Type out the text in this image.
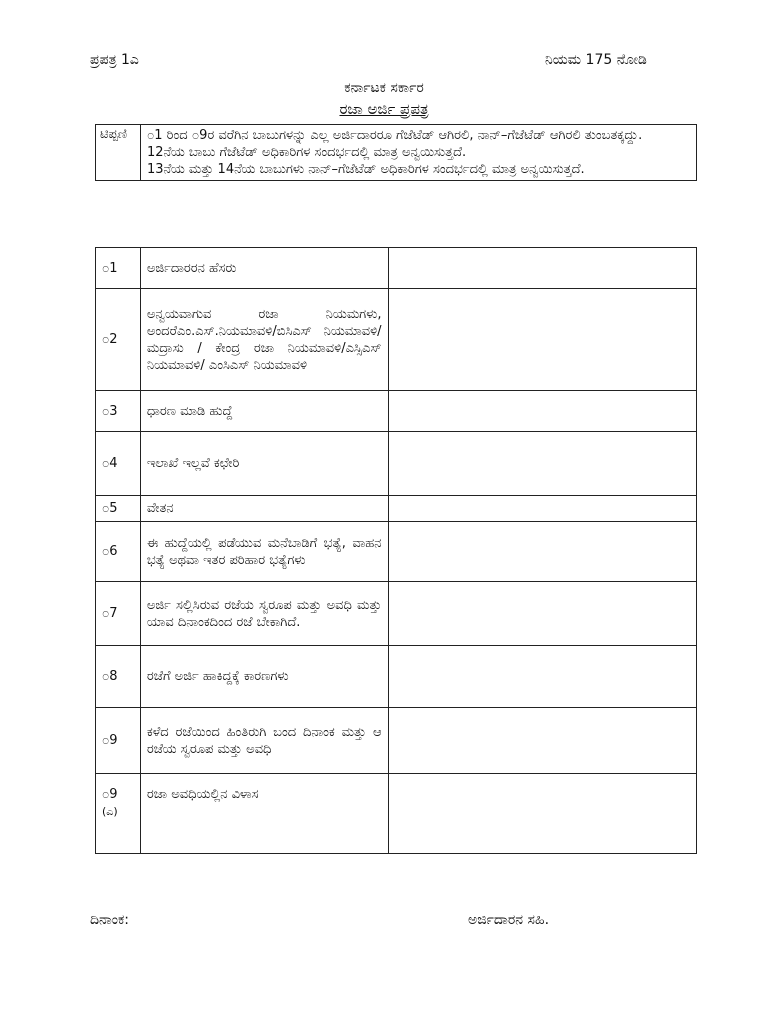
ಪ್ರಪತ್ರ 1ಎ	ನಿಯಮ 175 ನೋಡಿ
ಕರ್ನಾಟಕ ಸರ್ಕಾರ
ರಜಾ ಅರ್ಜಿ ಪ್ರಪತ್ರ
ಟಿಪ್ಪಣಿ	೦1 ರಿಂದ ೦9ರ ವರೆಗಿನ ಬಾಬುಗಳನ್ನು ಎಲ್ಲ ಅರ್ಜಿದಾರರೂ ಗೆಜೆಟೆಡ್ ಆಗಿರಲಿ, ನಾನ್–ಗೆಜೆಟೆಡ್ ಆಗಿರಲಿ ತುಂಬತಕ್ಕದ್ದು.
12ನೆಯ ಬಾಬು ಗೆಜೆಟೆಡ್ ಅಧಿಕಾರಿಗಳ ಸಂದರ್ಭದಲ್ಲಿ ಮಾತ್ರ ಅನ್ವಯಿಸುತ್ತದೆ.
13ನೆಯ ಮತ್ತು 14ನೆಯ ಬಾಬುಗಳು ನಾನ್–ಗೆಜೆಟೆಡ್ ಅಧಿಕಾರಿಗಳ ಸಂದರ್ಭದಲ್ಲಿ ಮಾತ್ರ ಅನ್ವಯಿಸುತ್ತದೆ.
೦1	ಅರ್ಜಿದಾರರನ ಹೆಸರು	
೦2	ಅನ್ವಯವಾಗುವ ರಜಾ ನಿಯಮಗಳು, ಅಂದರೆಎಂ.ಎಸ್.ನಿಯಮಾವಳಿ/ಬಿಸಿಎಸ್ ನಿಯಮಾವಳಿ/ ಮದ್ರಾಸು / ಕೇಂದ್ರ ರಜಾ ನಿಯಮಾವಳಿ/ಎಸ್ಸಿಎಸ್ ನಿಯಮಾವಳಿ/ ಎಂಸಿಎಸ್ ನಿಯಮಾವಳಿ	
೦3	ಧಾರಣ ಮಾಡಿ ಹುದ್ದೆ	
೦4	ಇಲಾಖೆ ಇಲ್ಲವೆ ಕಛೇರಿ	
೦5	ವೇತನ	
೦6	ಈ ಹುದ್ದೆಯಲ್ಲಿ ಪಡೆಯುವ ಮನೆಬಾಡಿಗೆ ಭತ್ಯೆ, ವಾಹನ ಭತ್ಯೆ ಅಥವಾ ಇತರ ಪರಿಹಾರ ಭತ್ಯೆಗಳು	
೦7	ಅರ್ಜಿ ಸಲ್ಲಿಸಿರುವ ರಜೆಯ ಸ್ವರೂಪ ಮತ್ತು ಅವಧಿ ಮತ್ತು ಯಾವ ದಿನಾಂಕದಿಂದ ರಜೆ ಬೇಕಾಗಿದೆ.	
೦8	ರಜೆಗೆ ಅರ್ಜಿ ಹಾಕಿದ್ದಕ್ಕೆ ಕಾರಣಗಳು	
೦9	ಕಳೆದ ರಜೆಯಿಂದ ಹಿಂತಿರುಗಿ ಬಂದ ದಿನಾಂಕ ಮತ್ತು ಆ ರಜೆಯ ಸ್ವರೂಪ ಮತ್ತು ಅವಧಿ	
೦9
(ಎ)	ರಜಾ ಅವಧಿಯಲ್ಲಿನ ವಿಳಾಸ	
ದಿನಾಂಕ:	ಅರ್ಜಿದಾರನ ಸಹಿ.
